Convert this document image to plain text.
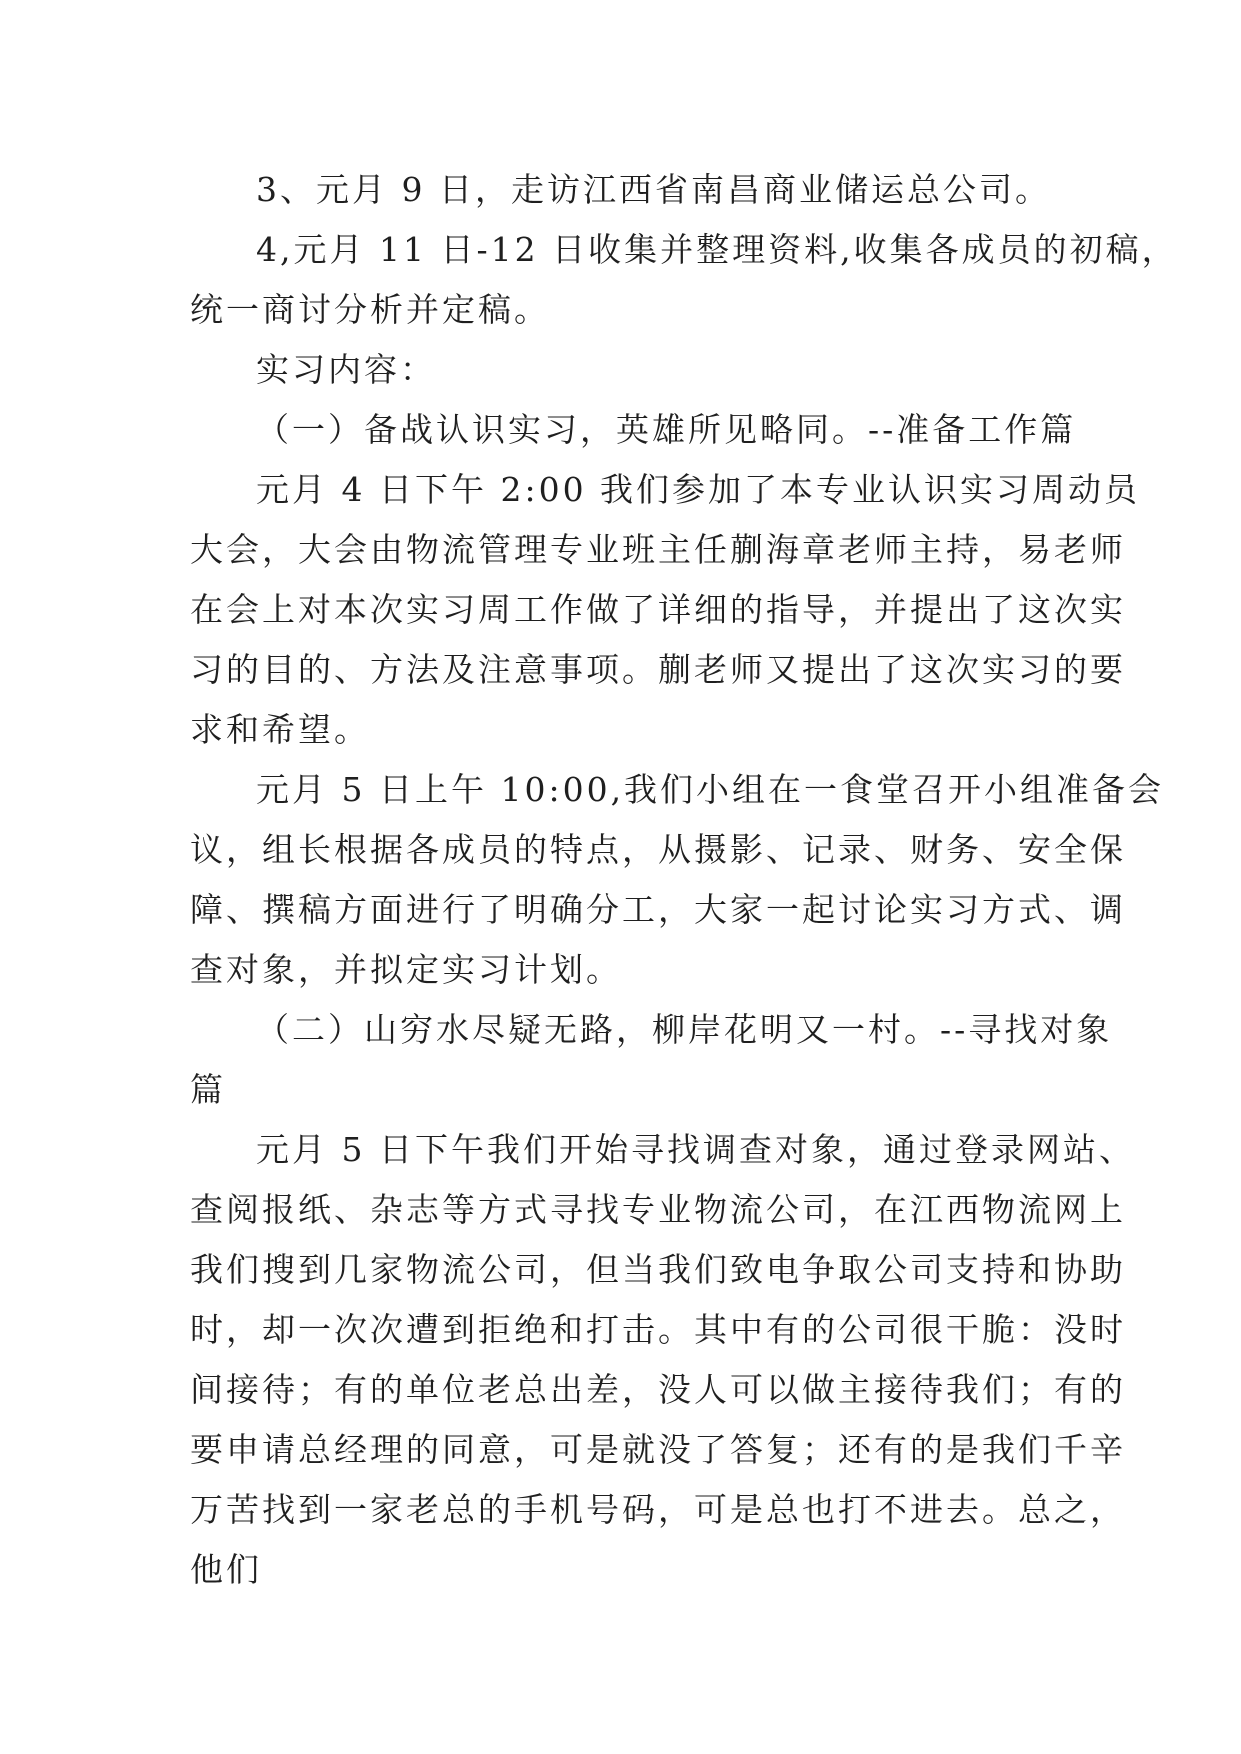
3、元月 9 日，走访江西省南昌商业储运总公司。
4,元月 11 日-12 日收集并整理资料,收集各成员的初稿，
统一商讨分析并定稿。
实习内容：
（一）备战认识实习，英雄所见略同。--准备工作篇
元月 4 日下午 2:00 我们参加了本专业认识实习周动员
大会，大会由物流管理专业班主任蒯海章老师主持，易老师
在会上对本次实习周工作做了详细的指导，并提出了这次实
习的目的、方法及注意事项。蒯老师又提出了这次实习的要
求和希望。
元月 5 日上午 10:00,我们小组在一食堂召开小组准备会
议，组长根据各成员的特点，从摄影、记录、财务、安全保
障、撰稿方面进行了明确分工，大家一起讨论实习方式、调
查对象，并拟定实习计划。
（二）山穷水尽疑无路，柳岸花明又一村。--寻找对象
篇
元月 5 日下午我们开始寻找调查对象，通过登录网站、
查阅报纸、杂志等方式寻找专业物流公司，在江西物流网上
我们搜到几家物流公司，但当我们致电争取公司支持和协助
时，却一次次遭到拒绝和打击。其中有的公司很干脆：没时
间接待；有的单位老总出差，没人可以做主接待我们；有的
要申请总经理的同意，可是就没了答复；还有的是我们千辛
万苦找到一家老总的手机号码，可是总也打不进去。总之，
他们
